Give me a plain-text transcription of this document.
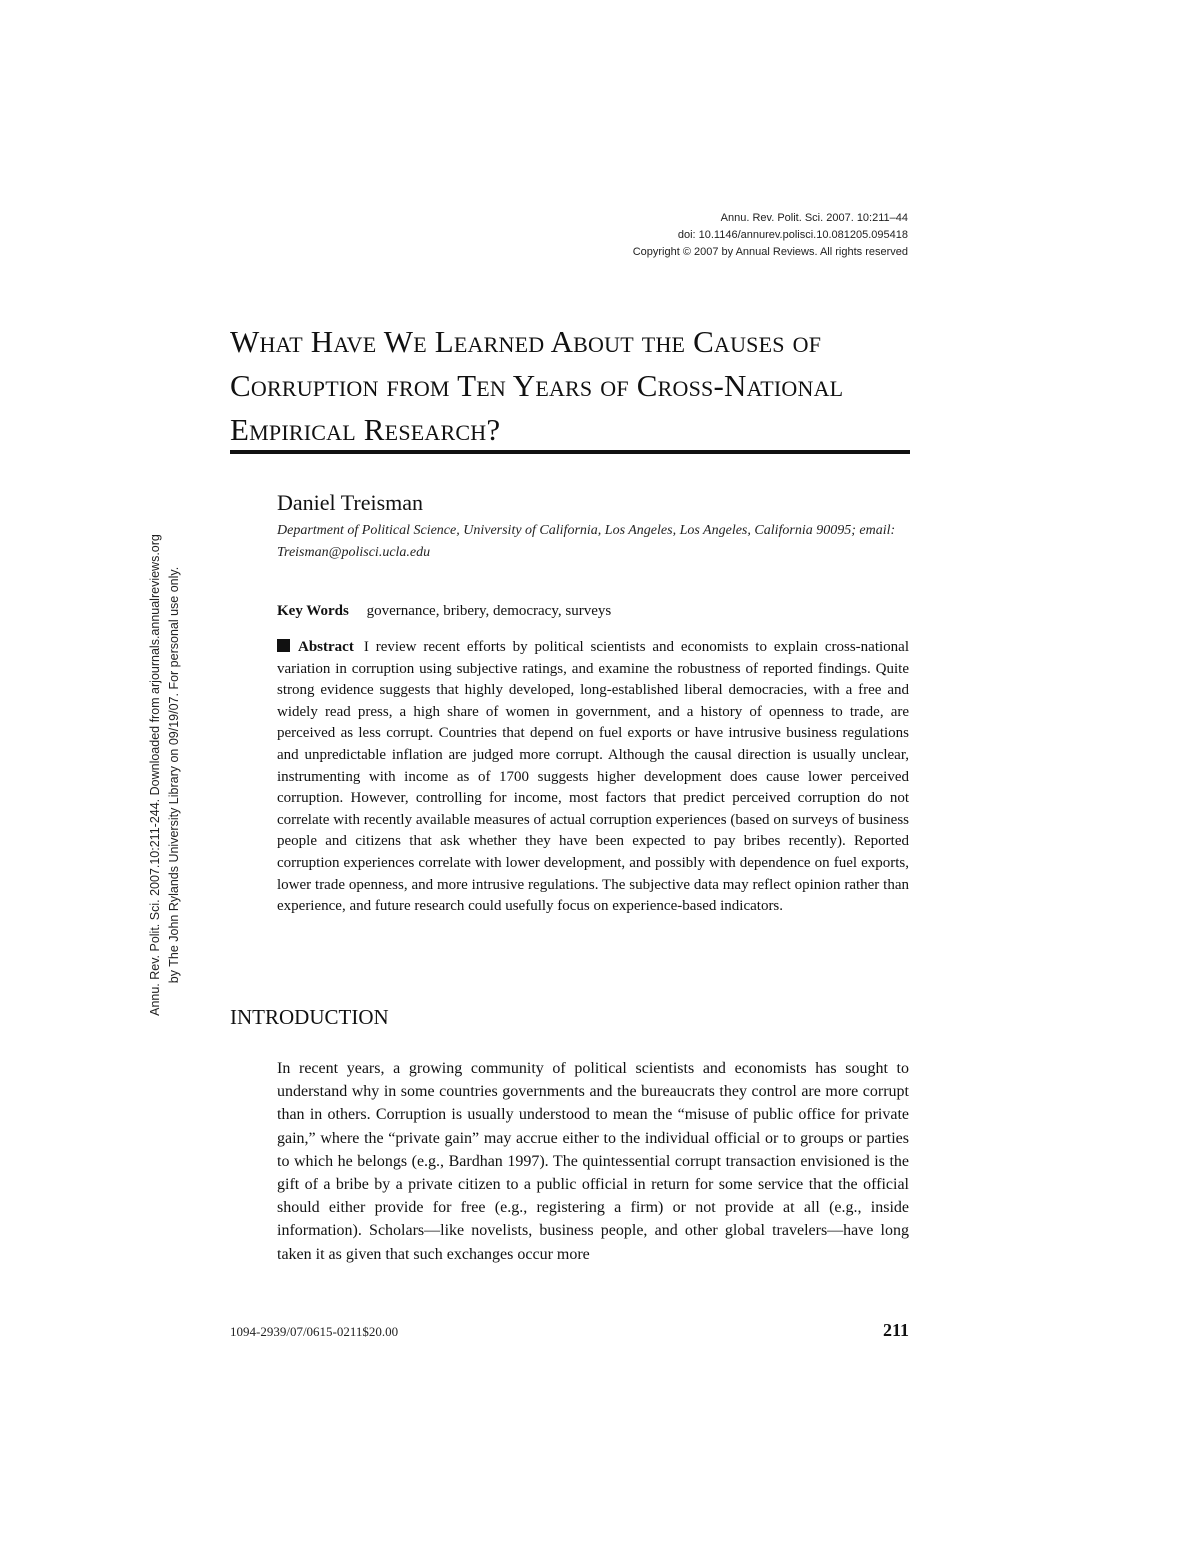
Annu. Rev. Polit. Sci. 2007. 10:211–44
doi: 10.1146/annurev.polisci.10.081205.095418
Copyright © 2007 by Annual Reviews. All rights reserved
What Have We Learned About the Causes of Corruption from Ten Years of Cross-National Empirical Research?
Daniel Treisman
Department of Political Science, University of California, Los Angeles, Los Angeles, California 90095; email: Treisman@polisci.ucla.edu
Key Words governance, bribery, democracy, surveys

Abstract I review recent efforts by political scientists and economists to explain cross-national variation in corruption using subjective ratings, and examine the robustness of reported findings. Quite strong evidence suggests that highly developed, long-established liberal democracies, with a free and widely read press, a high share of women in government, and a history of openness to trade, are perceived as less corrupt. Countries that depend on fuel exports or have intrusive business regulations and unpredictable inflation are judged more corrupt. Although the causal direction is usually unclear, instrumenting with income as of 1700 suggests higher development does cause lower perceived corruption. However, controlling for income, most factors that predict perceived corruption do not correlate with recently available measures of actual corruption experiences (based on surveys of business people and citizens that ask whether they have been expected to pay bribes recently). Reported corruption experiences correlate with lower development, and possibly with dependence on fuel exports, lower trade openness, and more intrusive regulations. The subjective data may reflect opinion rather than experience, and future research could usefully focus on experience-based indicators.

INTRODUCTION

In recent years, a growing community of political scientists and economists has sought to understand why in some countries governments and the bureaucrats they control are more corrupt than in others. Corruption is usually understood to mean the “misuse of public office for private gain,” where the “private gain” may accrue either to the individual official or to groups or parties to which he belongs (e.g., Bardhan 1997). The quintessential corrupt transaction envisioned is the gift of a bribe by a private citizen to a public official in return for some service that the official should either provide for free (e.g., registering a firm) or not provide at all (e.g., inside information). Scholars—like novelists, business people, and other global travelers—have long taken it as given that such exchanges occur more

Annu. Rev. Polit. Sci. 2007.10:211-244. Downloaded from arjournals.annualreviews.org by The John Rylands University Library on 09/19/07. For personal use only.
1094-2939/07/0615-0211$20.00	211
